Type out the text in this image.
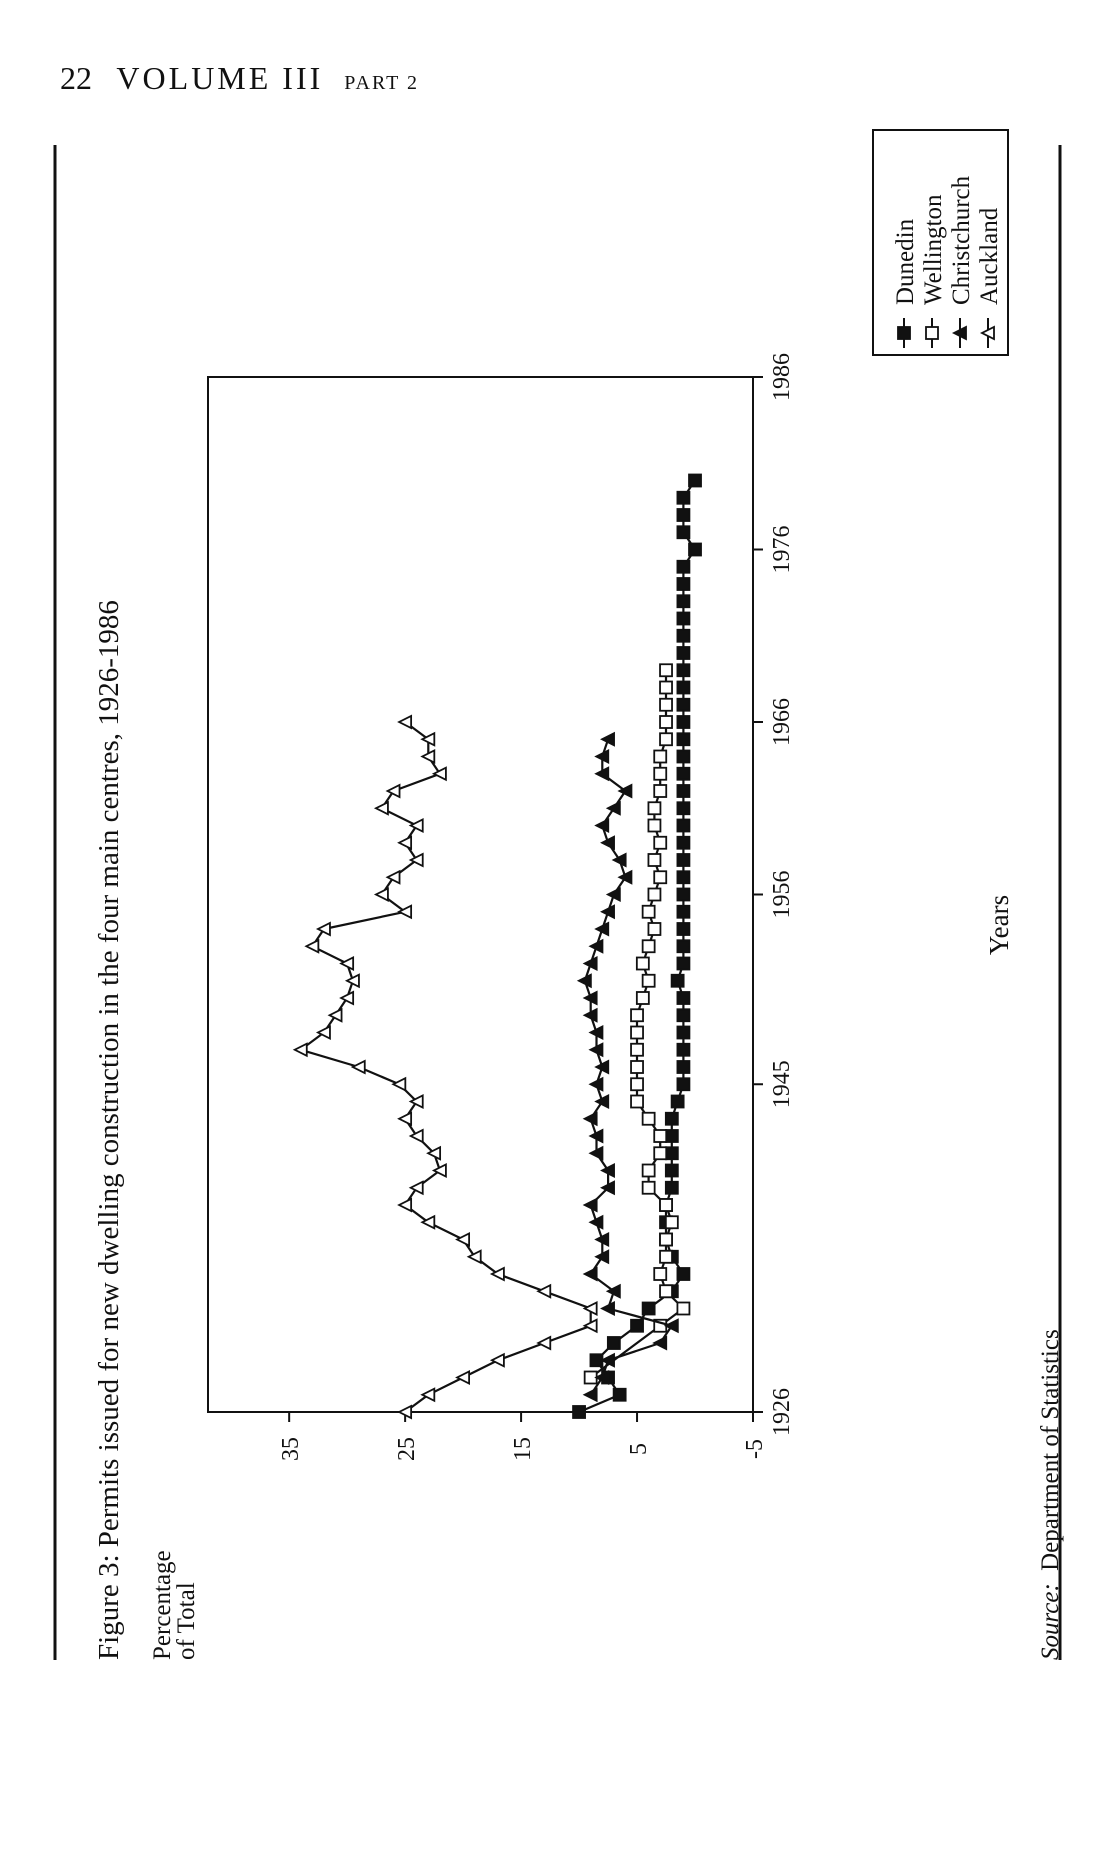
22 VOLUME III PART 2
Figure 3: Permits issued for new dwelling construction in the four main centres, 1926-1986 Percentage
of Total
Years
Source: Department of Statistics
35	25	15	5	-5
1926
1945
1956
1966
1976
1986
Dunedin Wellington Christchurch Auckland
